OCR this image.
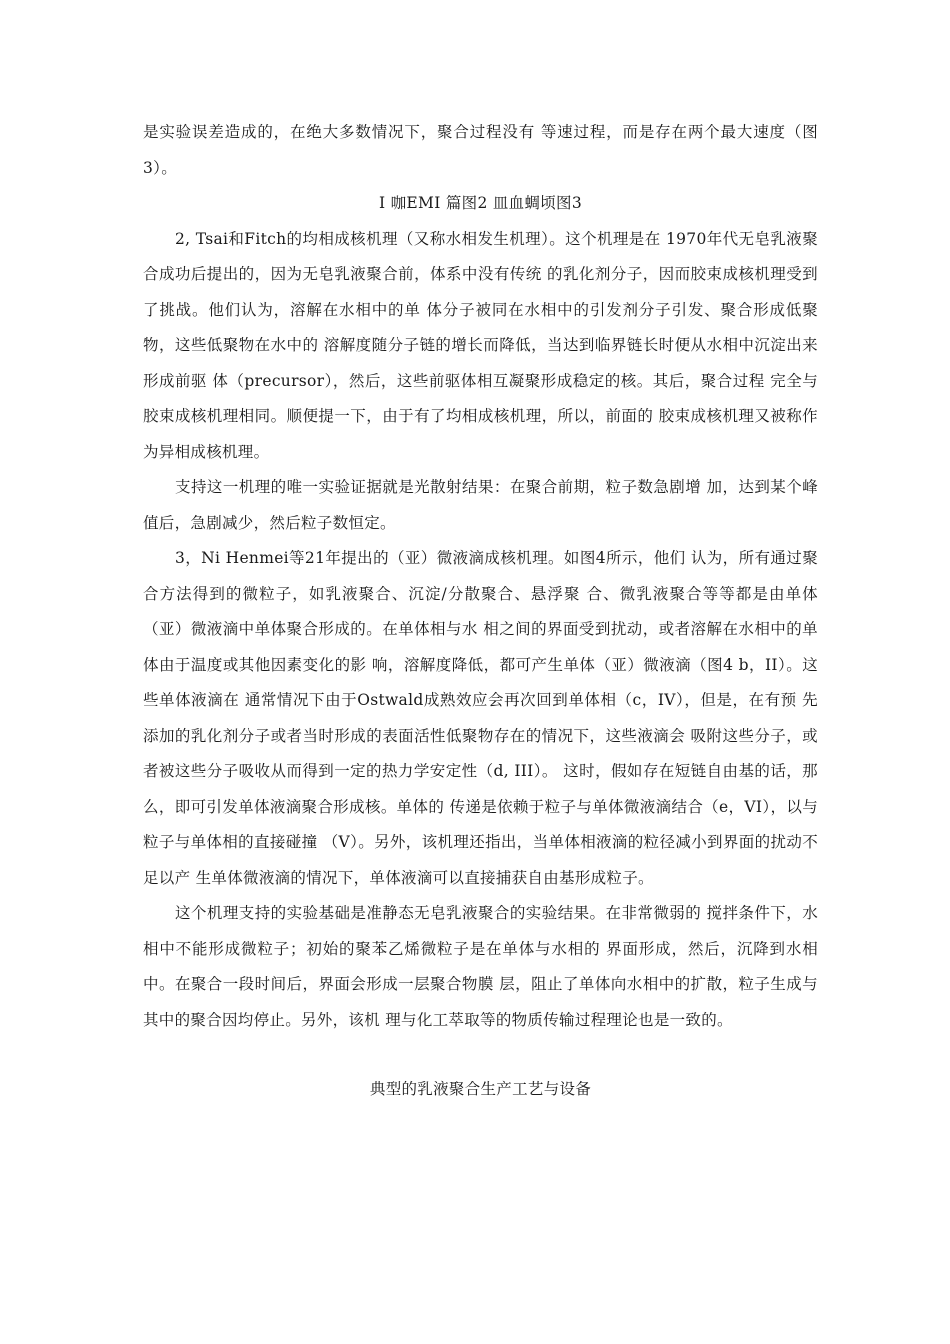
是实验误差造成的，在绝大多数情况下，聚合过程没有 等速过程，而是存在两个最大速度（图3）。

I 咖EMI 篇图2 皿血蜩顷图3

2, Tsai和Fitch的均相成核机理（又称水相发生机理）。这个机理是在 1970年代无皂乳液聚合成功后提出的，因为无皂乳液聚合前，体系中没有传统 的乳化剂分子，因而胶束成核机理受到了挑战。他们认为，溶解在水相中的单 体分子被同在水相中的引发剂分子引发、聚合形成低聚物，这些低聚物在水中的 溶解度随分子链的增长而降低，当达到临界链长时便从水相中沉淀出来形成前驱 体（precursor），然后，这些前驱体相互凝聚形成稳定的核。其后，聚合过程 完全与胶束成核机理相同。顺便提一下，由于有了均相成核机理，所以，前面的 胶束成核机理又被称作为异相成核机理。

支持这一机理的唯一实验证据就是光散射结果：在聚合前期，粒子数急剧增 加，达到某个峰值后，急剧减少，然后粒子数恒定。

3，Ni Henmei等21年提出的（亚）微液滴成核机理。如图4所示，他们 认为，所有通过聚合方法得到的微粒子，如乳液聚合、沉淀/分散聚合、悬浮聚 合、微乳液聚合等等都是由单体（亚）微液滴中单体聚合形成的。在单体相与水 相之间的界面受到扰动，或者溶解在水相中的单体由于温度或其他因素变化的影 响，溶解度降低，都可产生单体（亚）微液滴（图4 b，II）。这些单体液滴在 通常情况下由于Ostwald成熟效应会再次回到单体相（c，IV），但是，在有预 先添加的乳化剂分子或者当时形成的表面活性低聚物存在的情况下，这些液滴会 吸附这些分子，或者被这些分子吸收从而得到一定的热力学安定性（d, III）。 这时，假如存在短链自由基的话，那么，即可引发单体液滴聚合形成核。单体的 传递是依赖于粒子与单体微液滴结合（e，VI），以与粒子与单体相的直接碰撞 （V）。另外，该机理还指出，当单体相液滴的粒径减小到界面的扰动不足以产 生单体微液滴的情况下，单体液滴可以直接捕获自由基形成粒子。

这个机理支持的实验基础是准静态无皂乳液聚合的实验结果。在非常微弱的 搅拌条件下，水相中不能形成微粒子；初始的聚苯乙烯微粒子是在单体与水相的 界面形成，然后，沉降到水相中。在聚合一段时间后，界面会形成一层聚合物膜 层，阻止了单体向水相中的扩散，粒子生成与其中的聚合因均停止。另外，该机 理与化工萃取等的物质传输过程理论也是一致的。

典型的乳液聚合生产工艺与设备
